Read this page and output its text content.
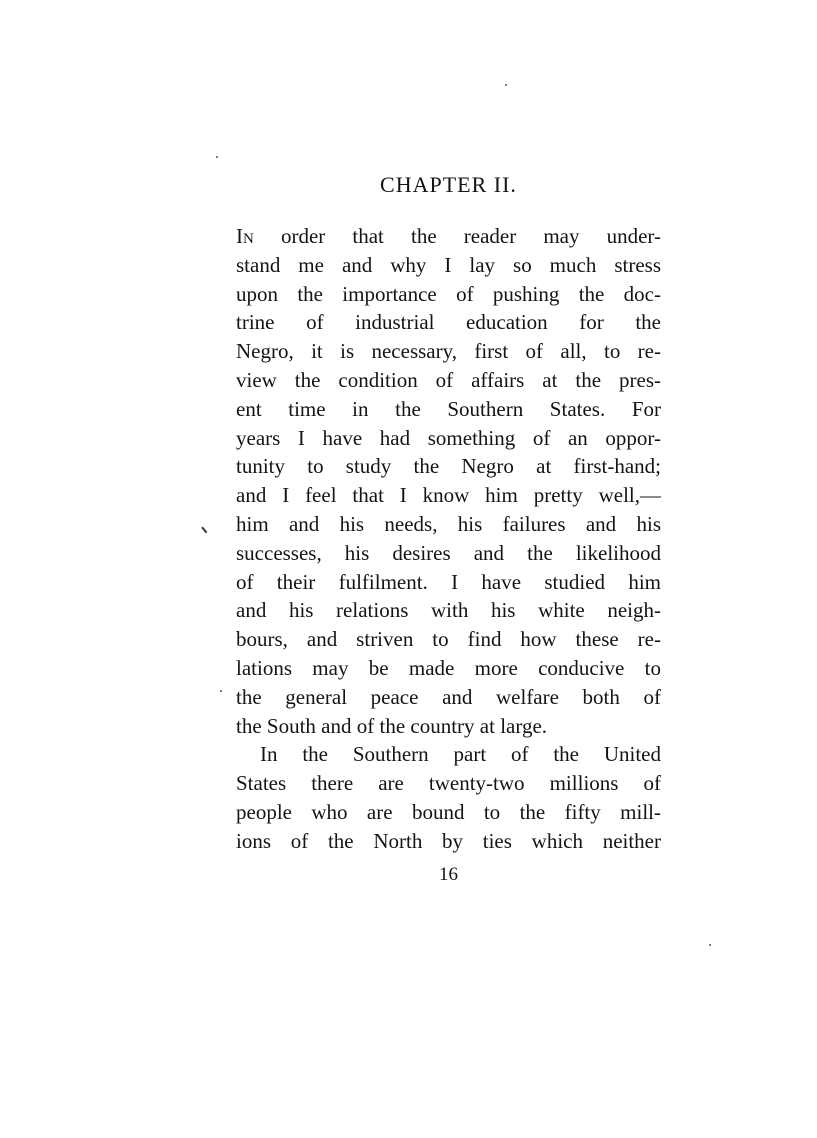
CHAPTER II.
In order that the reader may under-
stand me and why I lay so much stress
upon the importance of pushing the doc-
trine of industrial education for the
Negro, it is necessary, first of all, to re-
view the condition of affairs at the pres-
ent time in the Southern States. For
years I have had something of an oppor-
tunity to study the Negro at first-hand;
and I feel that I know him pretty well,—
him and his needs, his failures and his
successes, his desires and the likelihood
of their fulfilment. I have studied him
and his relations with his white neigh-
bours, and striven to find how these re-
lations may be made more conducive to
the general peace and welfare both of
the South and of the country at large.
In the Southern part of the United
States there are twenty-two millions of
people who are bound to the fifty mill-
ions of the North by ties which neither
16
